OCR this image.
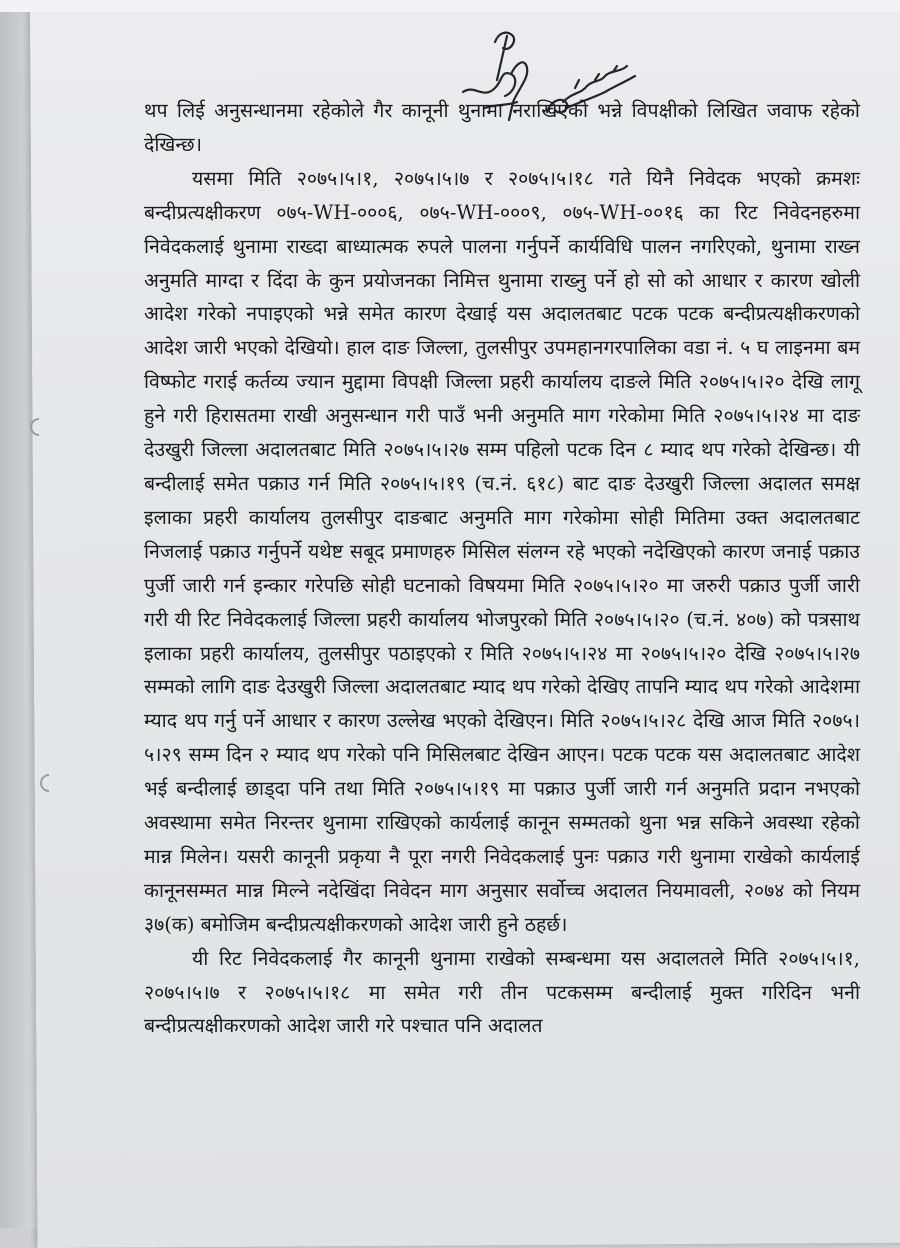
थप लिई अनुसन्धानमा रहेकोले गैर कानूनी थुनामा नराखिएको भन्ने विपक्षीको लिखित जवाफ रहेको देखिन्छ।

यसमा मिति २०७५।५।१, २०७५।५।७ र २०७५।५।१८ गते यिनै निवेदक भएको क्रमशः बन्दीप्रत्यक्षीकरण ०७५-WH-०००६, ०७५-WH-०००९, ०७५-WH-००१६ का रिट निवेदनहरुमा निवेदकलाई थुनामा राख्दा बाध्यात्मक रुपले पालना गर्नुपर्ने कार्यविधि पालन नगरिएको, थुनामा राख्न अनुमति माग्दा र दिंदा के कुन प्रयोजनका निमित्त थुनामा राख्नु पर्ने हो सो को आधार र कारण खोली आदेश गरेको नपाइएको भन्ने समेत कारण देखाई यस अदालतबाट पटक पटक बन्दीप्रत्यक्षीकरणको आदेश जारी भएको देखियो। हाल दाङ जिल्ला, तुलसीपुर उपमहानगरपालिका वडा नं. ५ घ लाइनमा बम विष्फोट गराई कर्तव्य ज्यान मुद्दामा विपक्षी जिल्ला प्रहरी कार्यालय दाङले मिति २०७५।५।२० देखि लागू हुने गरी हिरासतमा राखी अनुसन्धान गरी पाउँ भनी अनुमति माग गरेकोमा मिति २०७५।५।२४ मा दाङ देउखुरी जिल्ला अदालतबाट मिति २०७५।५।२७ सम्म पहिलो पटक दिन ८ म्याद थप गरेको देखिन्छ। यी बन्दीलाई समेत पक्राउ गर्न मिति २०७५।५।१९ (च.नं. ६१८) बाट दाङ देउखुरी जिल्ला अदालत समक्ष इलाका प्रहरी कार्यालय तुलसीपुर दाङबाट अनुमति माग गरेकोमा सोही मितिमा उक्त अदालतबाट निजलाई पक्राउ गर्नुपर्ने यथेष्ट सबूद प्रमाणहरु मिसिल संलग्न रहे भएको नदेखिएको कारण जनाई पक्राउ पुर्जी जारी गर्न इन्कार गरेपछि सोही घटनाको विषयमा मिति २०७५।५।२० मा जरुरी पक्राउ पुर्जी जारी गरी यी रिट निवेदकलाई जिल्ला प्रहरी कार्यालय भोजपुरको मिति २०७५।५।२० (च.नं. ४०७) को पत्रसाथ इलाका प्रहरी कार्यालय, तुलसीपुर पठाइएको र मिति २०७५।५।२४ मा २०७५।५।२० देखि २०७५।५।२७ सम्मको लागि दाङ देउखुरी जिल्ला अदालतबाट म्याद थप गरेको देखिए तापनि म्याद थप गरेको आदेशमा म्याद थप गर्नु पर्ने आधार र कारण उल्लेख भएको देखिएन। मिति २०७५।५।२८ देखि आज मिति २०७५।५।२९ सम्म दिन २ म्याद थप गरेको पनि मिसिलबाट देखिन आएन। पटक पटक यस अदालतबाट आदेश भई बन्दीलाई छाड्दा पनि तथा मिति २०७५।५।१९ मा पक्राउ पुर्जी जारी गर्न अनुमति प्रदान नभएको अवस्थामा समेत निरन्तर थुनामा राखिएको कार्यलाई कानून सम्मतको थुना भन्न सकिने अवस्था रहेको मान्न मिलेन। यसरी कानूनी प्रकृया नै पूरा नगरी निवेदकलाई पुनः पक्राउ गरी थुनामा राखेको कार्यलाई कानूनसम्मत मान्न मिल्ने नदेखिंदा निवेदन माग अनुसार सर्वोच्च अदालत नियमावली, २०७४ को नियम ३७(क) बमोजिम बन्दीप्रत्यक्षीकरणको आदेश जारी हुने ठहर्छ।

यी रिट निवेदकलाई गैर कानूनी थुनामा राखेको सम्बन्धमा यस अदालतले मिति २०७५।५।१, २०७५।५।७ र २०७५।५।१८ मा समेत गरी तीन पटकसम्म बन्दीलाई मुक्त गरिदिन भनी बन्दीप्रत्यक्षीकरणको आदेश जारी गरे पश्चात पनि अदालत
